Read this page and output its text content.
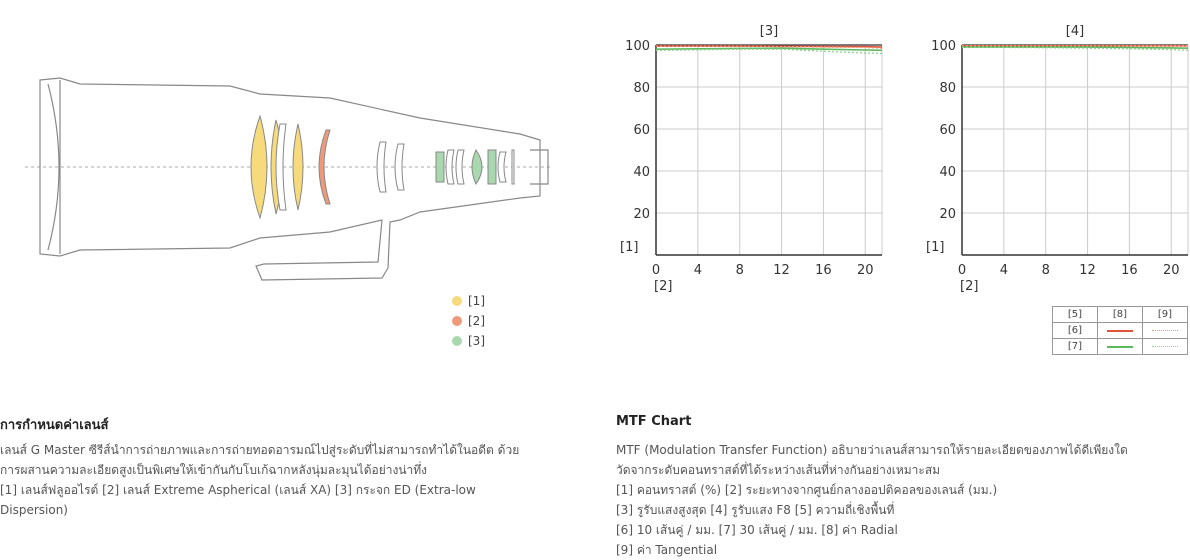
[1]
[2]
[3]
[3]
20
40
60
80
100
0	4	8 12 16 20
[1]
[2]
[4]
20
40
60
80
100
0	4	8 12 16 20
[1]
[2]
[5]	[8]	[9]
[6]	

[7]	

การกำหนดค่าเลนส์
เลนส์ G Master ซีรีส์นำการถ่ายภาพและการถ่ายทอดอารมณ์ไปสู่ระดับที่ไม่สามารถทำได้ในอดีต ด้วย
การผสานความละเอียดสูงเป็นพิเศษให้เข้ากันกับโบเก้ฉากหลังนุ่มละมุนได้อย่างน่าทึ่ง
[1] เลนส์ฟลูออไรต์ [2] เลนส์ Extreme Aspherical (เลนส์ XA) [3] กระจก ED (Extra-low
Dispersion)
MTF Chart
MTF (Modulation Transfer Function) อธิบายว่าเลนส์สามารถให้รายละเอียดของภาพได้ดีเพียงใด
วัดจากระดับคอนทราสต์ที่ได้ระหว่างเส้นที่ห่างกันอย่างเหมาะสม
[1] คอนทราสต์ (%) [2] ระยะทางจากศูนย์กลางออปติคอลของเลนส์ (มม.)
[3] รูรับแสงสูงสุด [4] รูรับแสง F8 [5] ความถี่เชิงพื้นที่
[6] 10 เส้นคู่ / มม. [7] 30 เส้นคู่ / มม. [8] ค่า Radial
[9] ค่า Tangential
